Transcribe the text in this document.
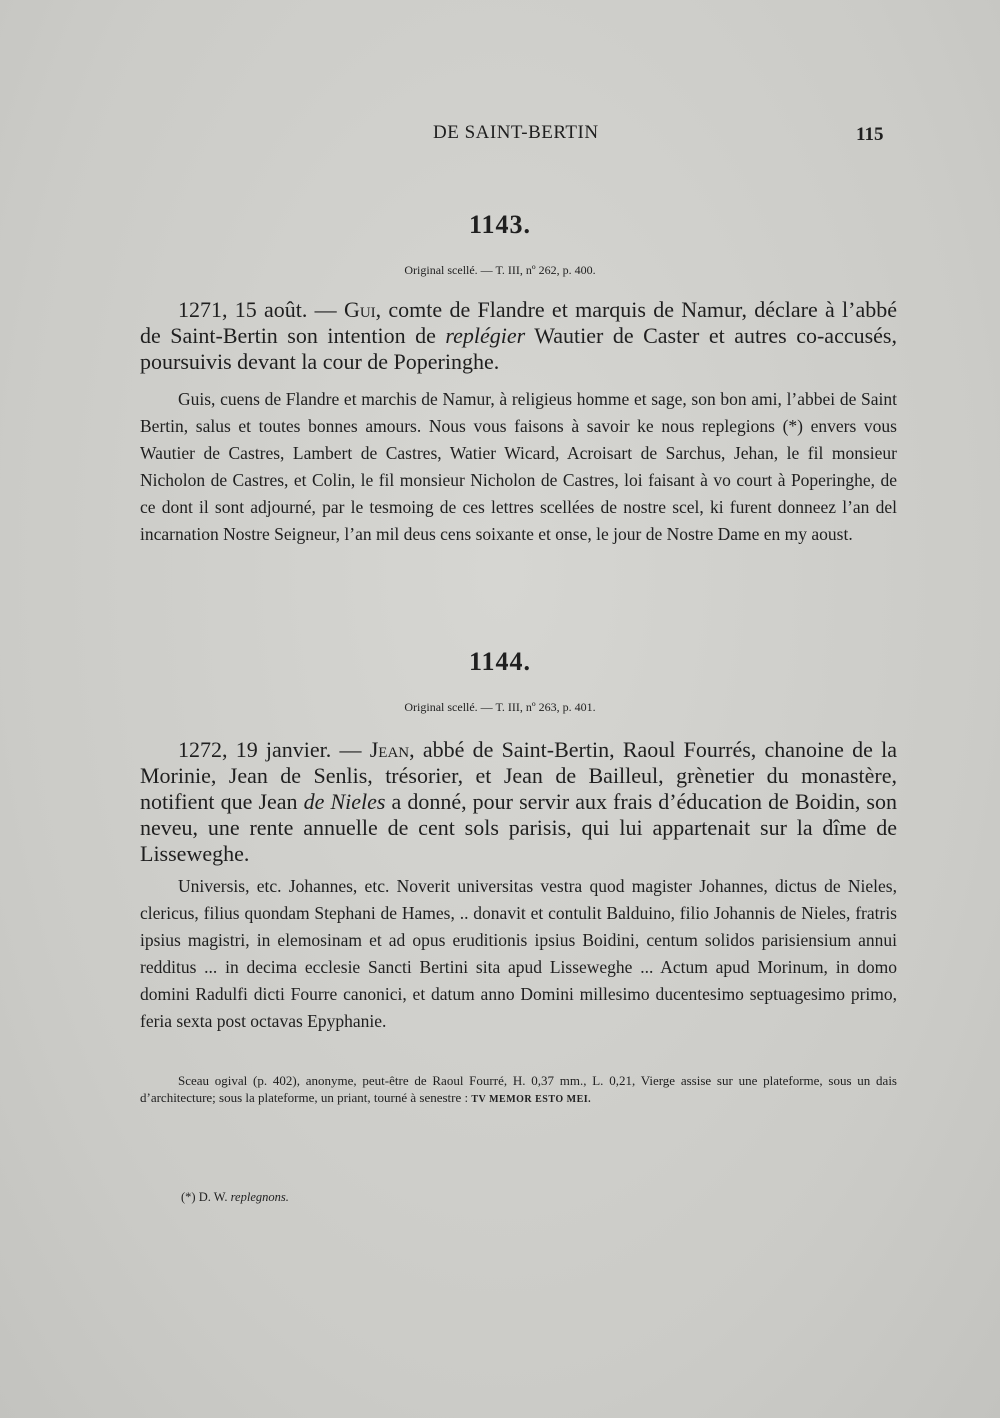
DE SAINT-BERTIN	115
1143.
Original scellé. — T. III, nº 262, p. 400.

1271, 15 août. — Gui, comte de Flandre et marquis de Namur, déclare à l’abbé de Saint-Bertin son intention de replégier Wautier de Caster et autres co-accusés, poursuivis devant la cour de Poperinghe.

Guis, cuens de Flandre et marchis de Namur, à religieus homme et sage, son bon ami, l’abbei de Saint Bertin, salus et toutes bonnes amours. Nous vous faisons à savoir ke nous replegions (*) envers vous Wautier de Castres, Lambert de Castres, Watier Wicard, Acroisart de Sarchus, Jehan, le fil monsieur Nicholon de Castres, et Colin, le fil monsieur Nicholon de Castres, loi faisant à vo court à Poperinghe, de ce dont il sont adjourné, par le tesmoing de ces lettres scellées de nostre scel, ki furent donneez l’an del incarnation Nostre Seigneur, l’an mil deus cens soixante et onse, le jour de Nostre Dame en my aoust.

1144.
Original scellé. — T. III, nº 263, p. 401.

1272, 19 janvier. — Jean, abbé de Saint-Bertin, Raoul Fourrés, chanoine de la Morinie, Jean de Senlis, trésorier, et Jean de Bailleul, grènetier du monastère, notifient que Jean de Nieles a donné, pour servir aux frais d’éducation de Boidin, son neveu, une rente annuelle de cent sols parisis, qui lui appartenait sur la dîme de Lisseweghe.

Universis, etc. Johannes, etc. Noverit universitas vestra quod magister Johannes, dictus de Nieles, clericus, filius quondam Stephani de Hames, .. donavit et contulit Balduino, filio Johannis de Nieles, fratris ipsius magistri, in elemosinam et ad opus eruditionis ipsius Boidini, centum solidos parisiensium annui redditus ... in decima ecclesie Sancti Bertini sita apud Lisseweghe ... Actum apud Morinum, in domo domini Radulfi dicti Fourre canonici, et datum anno Domini millesimo ducentesimo septuagesimo primo, feria sexta post octavas Epyphanie.

Sceau ogival (p. 402), anonyme, peut-être de Raoul Fourré, H. 0,37 mm., L. 0,21, Vierge assise sur une plateforme, sous un dais d’architecture; sous la plateforme, un priant, tourné à senestre : TV MEMOR ESTO MEI.

(*) D. W. replegnons.
